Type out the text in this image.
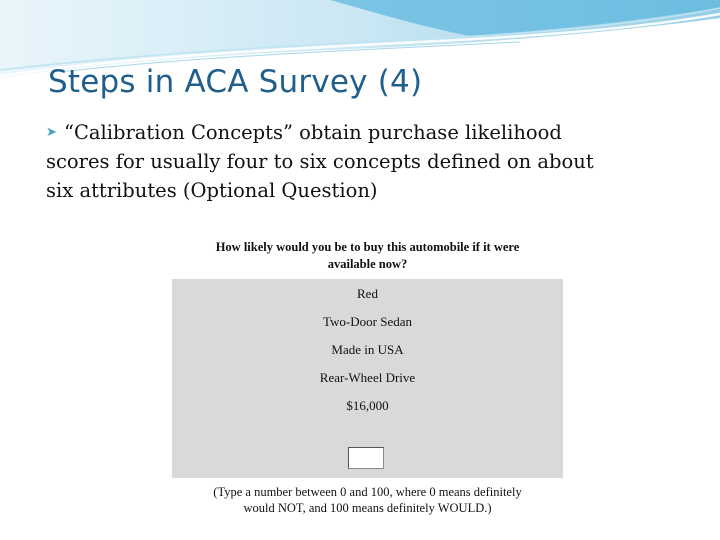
Steps in ACA Survey (4)
➤ “Calibration Concepts” obtain purchase likelihood
scores for usually four to six concepts defined on about
six attributes (Optional Question)
How likely would you be to buy this automobile if it were
available now?
Red
Two-Door Sedan
Made in USA
Rear-Wheel Drive
$16,000
(Type a number between 0 and 100, where 0 means definitely
would NOT, and 100 means definitely WOULD.)
